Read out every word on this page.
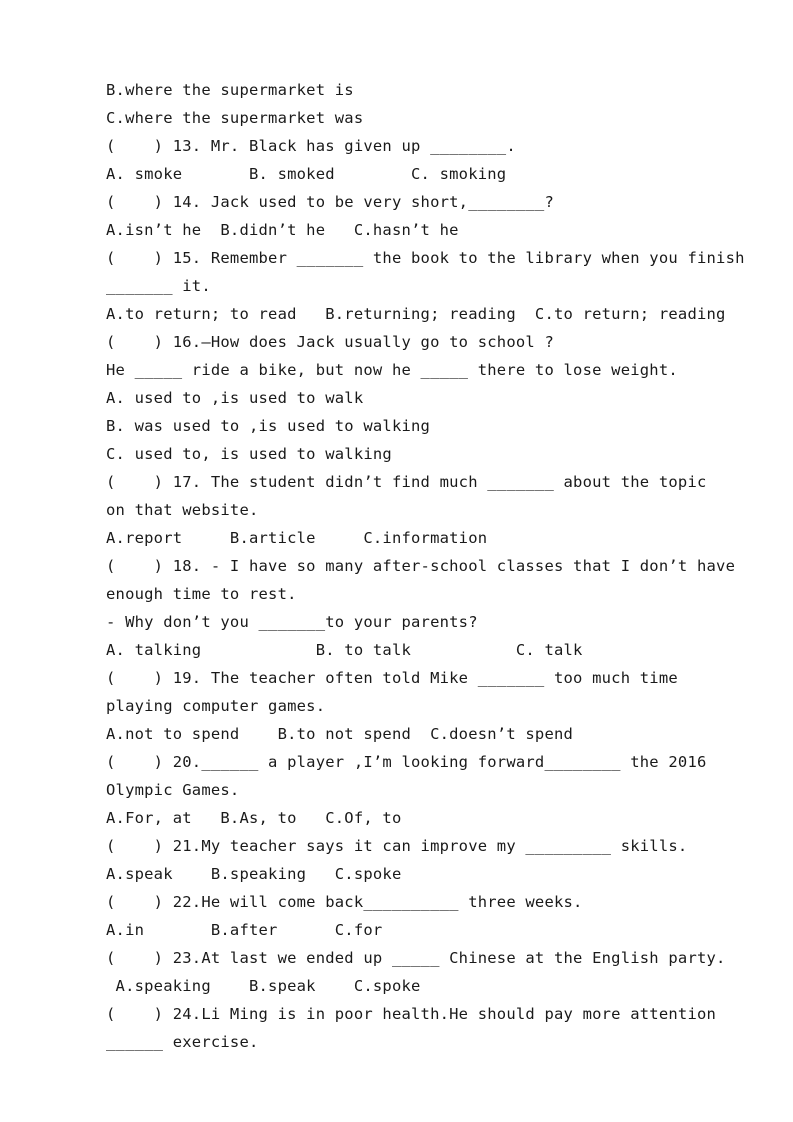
B.where the supermarket is
C.where the supermarket was
(    ) 13. Mr. Black has given up ________.
A. smoke       B. smoked        C. smoking
(    ) 14. Jack used to be very short,________?
A.isn’t he  B.didn’t he   C.hasn’t he
(    ) 15. Remember _______ the book to the library when you finish
_______ it.
A.to return; to read   B.returning; reading  C.to return; reading
(    ) 16.—How does Jack usually go to school ?
He _____ ride a bike, but now he _____ there to lose weight.
A. used to ,is used to walk
B. was used to ,is used to walking
C. used to, is used to walking
(    ) 17. The student didn’t find much _______ about the topic
on that website.
A.report     B.article     C.information
(    ) 18. - I have so many after-school classes that I don’t have
enough time to rest.
- Why don’t you _______to your parents?
A. talking            B. to talk           C. talk
(    ) 19. The teacher often told Mike _______ too much time
playing computer games.
A.not to spend    B.to not spend  C.doesn’t spend
(    ) 20.______ a player ,I’m looking forward________ the 2016
Olympic Games.
A.For, at   B.As, to   C.Of, to
(    ) 21.My teacher says it can improve my _________ skills.
A.speak    B.speaking   C.spoke
(    ) 22.He will come back__________ three weeks.
A.in       B.after      C.for
(    ) 23.At last we ended up _____ Chinese at the English party.
A.speaking    B.speak    C.spoke
(    ) 24.Li Ming is in poor health.He should pay more attention
______ exercise.
